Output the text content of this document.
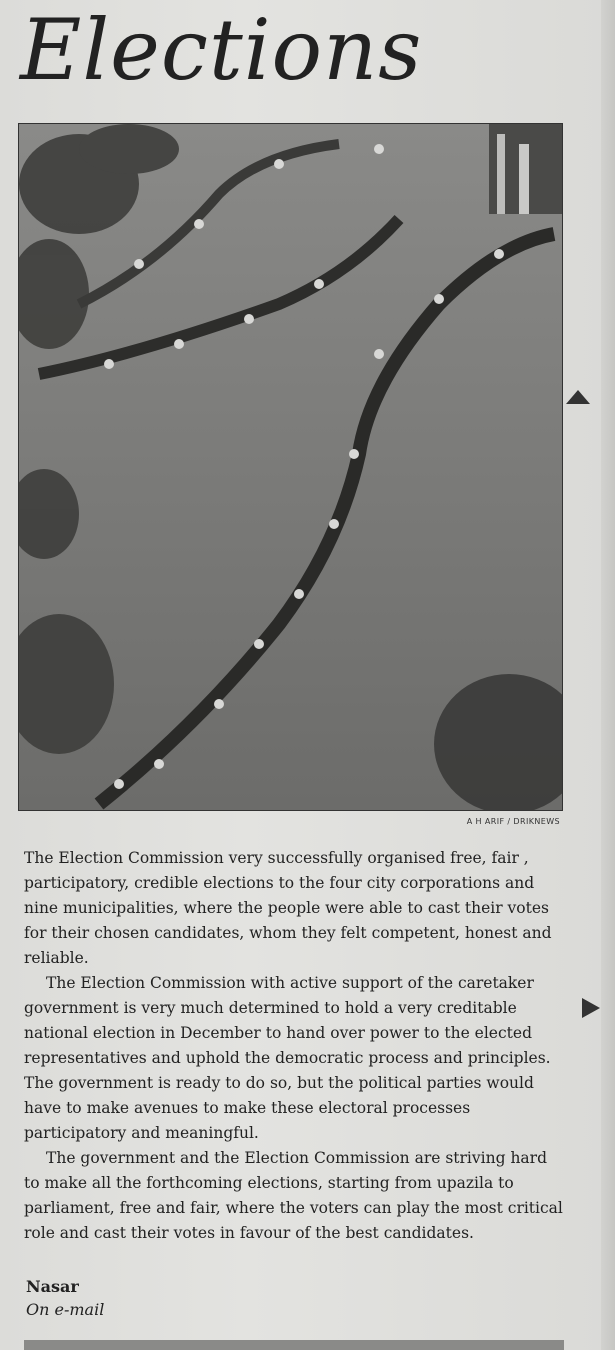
Elections
A H ARIF / DRIKNEWS

The Election Commission very successfully organised free, fair , participatory, credible elections to the four city corporations and nine municipalities, where the people were able to cast their votes for their chosen candidates, whom they felt competent, honest and reliable.

The Election Commission with active support of the caretaker government is very much determined to hold a very creditable national election in December to hand over power to the elected representatives and uphold the democratic process and principles. The government is ready to do so, but the political parties would have to make avenues to make these electoral processes participatory and meaningful.

The government and the Election Commission are striving hard to make all the forthcoming elections, starting from upazila to parliament, free and fair, where the voters can play the most critical role and cast their votes in favour of the best candidates.

Nasar
On e-mail
